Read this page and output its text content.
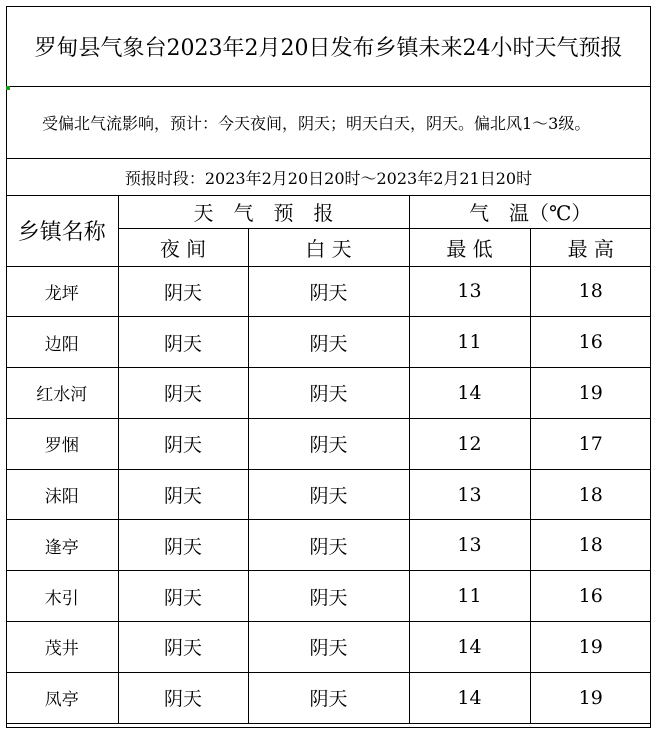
罗甸县气象台2023年2月20日发布乡镇未来24小时天气预报
受偏北气流影响，预计：今天夜间，阴天；明天白天，阴天。偏北风1～3级。
预报时段：2023年2月20日20时～2023年2月21日20时
乡镇名称	天　气　预　报		气　温（℃）	
	夜 间	白 天	最 低	最 高
龙坪	阴天	阴天	13	18
边阳	阴天	阴天	11	16
红水河	阴天	阴天	14	19
罗悃	阴天	阴天	12	17
沫阳	阴天	阴天	13	18
逢亭	阴天	阴天	13	18
木引	阴天	阴天	11	16
茂井	阴天	阴天	14	19
凤亭	阴天	阴天	14	19
